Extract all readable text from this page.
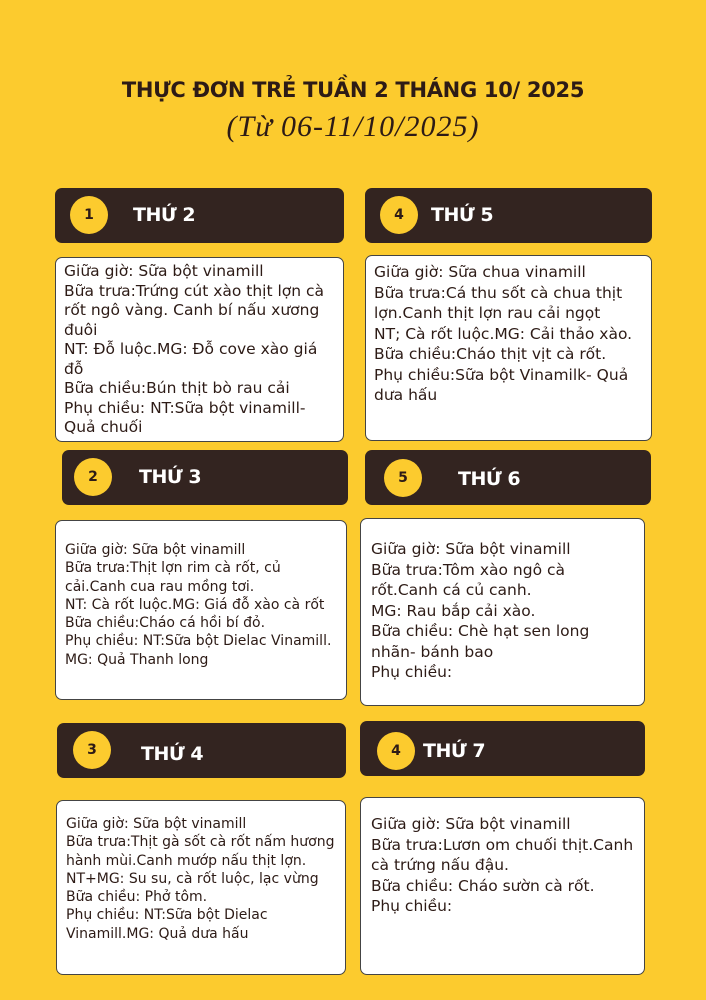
THỰC ĐƠN TRẺ TUẦN 2 THÁNG 10/ 2025
(Từ 06-11/10/2025)
1	THỨ 2
Giữa giờ: Sữa bột vinamill
Bữa trưa:Trứng cút xào thịt lợn cà rốt ngô vàng. Canh bí nấu xương đuôi
NT: Đỗ luộc.MG: Đỗ cove xào giá đỗ
Bữa chiều:Bún thịt bò rau cải
Phụ chiều: NT:Sữa bột vinamill- Quả chuối
4	THỨ 5
Giữa giờ: Sữa chua vinamill
Bữa trưa:Cá thu sốt cà chua thịt lợn.Canh thịt lợn rau cải ngọt
NT; Cà rốt luộc.MG: Cải thảo xào.
Bữa chiều:Cháo thịt vịt cà rốt.
Phụ chiều:Sữa bột Vinamilk- Quả dưa hấu
2	THỨ 3
Giữa giờ: Sữa bột vinamill
Bữa trưa:Thịt lợn rim cà rốt, củ cải.Canh cua rau mồng tơi.
NT: Cà rốt luộc.MG: Giá đỗ xào cà rốt
Bữa chiều:Cháo cá hồi bí đỏ.
Phụ chiều: NT:Sữa bột Dielac Vinamill. MG: Quả Thanh long
5	THỨ 6
Giữa giờ: Sữa bột vinamill
Bữa trưa:Tôm xào ngô cà rốt.Canh cá củ canh.
MG: Rau bắp cải xào.
Bữa chiều: Chè hạt sen long nhãn- bánh bao
Phụ chiều:
3	THỨ 4
Giữa giờ: Sữa bột vinamill
Bữa trưa:Thịt gà sốt cà rốt nấm hương hành mùi.Canh mướp nấu thịt lợn.
NT+MG: Su su, cà rốt luộc, lạc vừng
Bữa chiều: Phở tôm.
Phụ chiều: NT:Sữa bột Dielac Vinamill.MG: Quả dưa hấu
4	THỨ 7
Giữa giờ: Sữa bột vinamill
Bữa trưa:Lươn om chuối thịt.Canh cà trứng nấu đậu.
Bữa chiều: Cháo sườn cà rốt.
Phụ chiều:
